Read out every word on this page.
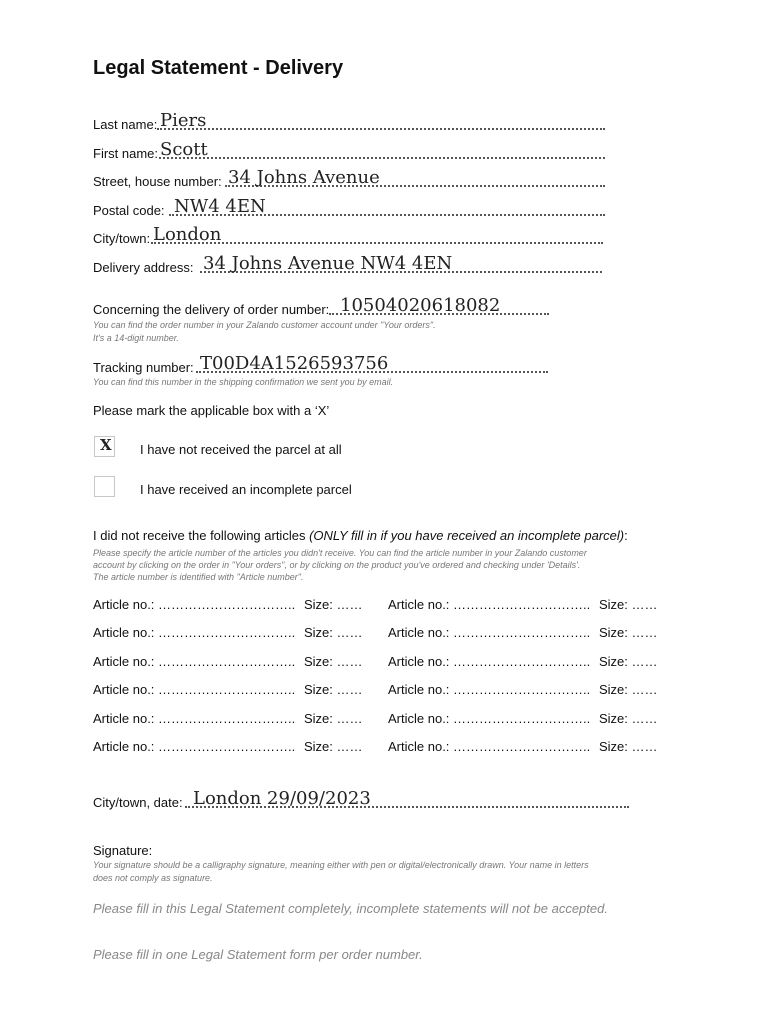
Legal Statement - Delivery
Last name: Piers
First name: Scott
Street, house number: 34 Johns Avenue
Postal code: NW4 4EN
City/town: London
Delivery address: 34 Johns Avenue NW4 4EN
Concerning the delivery of order number: 10504020618082
You can find the order number in your Zalando customer account under "Your orders".
It's a 14-digit number.
Tracking number: T00D4A1526593756
You can find this number in the shipping confirmation we sent you by email.
Please mark the applicable box with a ‘X’
X I have not received the parcel at all
I have received an incomplete parcel
I did not receive the following articles (ONLY fill in if you have received an incomplete parcel):
Please specify the article number of the articles you didn't receive. You can find the article number in your Zalando customer
account by clicking on the order in "Your orders", or by clicking on the product you've ordered and checking under 'Details'.
The article number is identified with "Article number".
Article no.: ………………………….. Size: …… Article no.: ………………………….. Size: ……
Article no.: ………………………….. Size: …… Article no.: ………………………….. Size: ……
Article no.: ………………………….. Size: …… Article no.: ………………………….. Size: ……
Article no.: ………………………….. Size: …… Article no.: ………………………….. Size: ……
Article no.: ………………………….. Size: …… Article no.: ………………………….. Size: ……
Article no.: ………………………….. Size: …… Article no.: ………………………….. Size: ……
City/town, date: London 29/09/2023
Signature:
Your signature should be a calligraphy signature, meaning either with pen or digital/electronically drawn. Your name in letters
does not comply as signature.
Please fill in this Legal Statement completely, incomplete statements will not be accepted.
Please fill in one Legal Statement form per order number.
